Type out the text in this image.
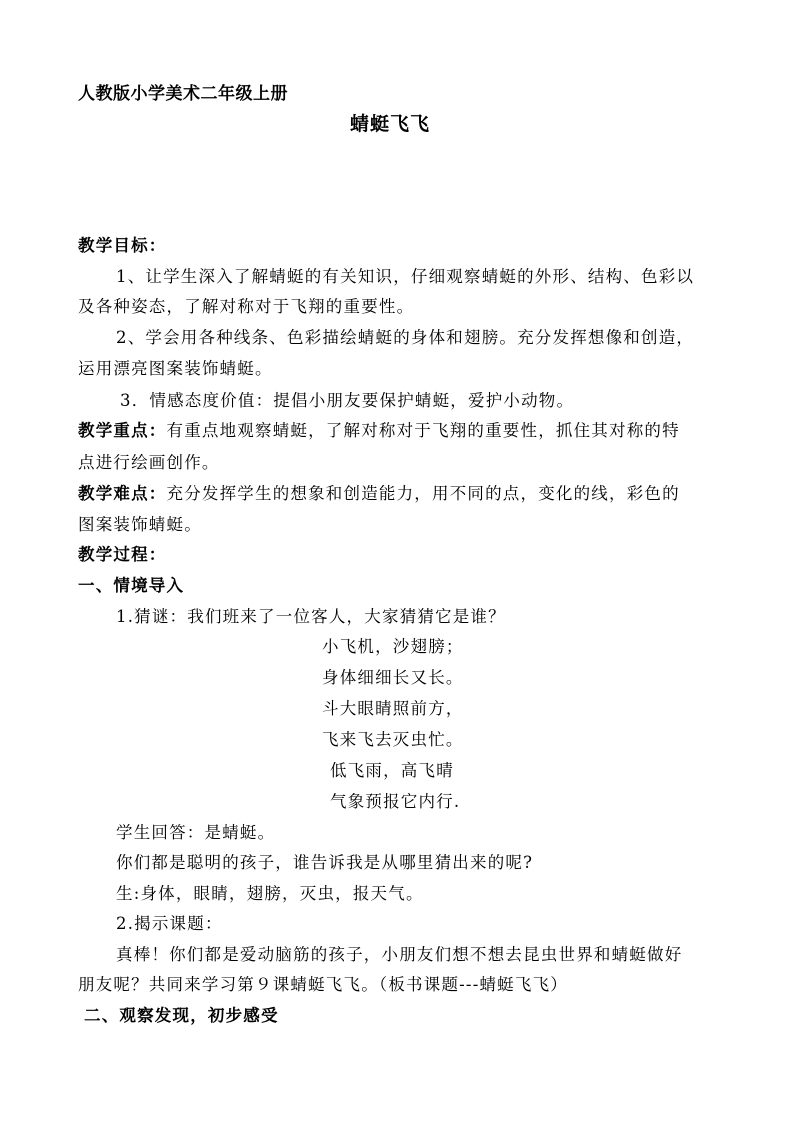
人教版小学美术二年级上册
蜻蜓飞飞
教学目标：
1、让学生深入了解蜻蜓的有关知识，仔细观察蜻蜓的外形、结构、色彩以
及各种姿态，了解对称对于飞翔的重要性。
2、学会用各种线条、色彩描绘蜻蜓的身体和翅膀。充分发挥想像和创造，
运用漂亮图案装饰蜻蜓。
3．情感态度价值：提倡小朋友要保护蜻蜓，爱护小动物。
教学重点：有重点地观察蜻蜓，了解对称对于飞翔的重要性，抓住其对称的特
点进行绘画创作。
教学难点：充分发挥学生的想象和创造能力，用不同的点，变化的线，彩色的
图案装饰蜻蜓。
教学过程：
一、情境导入
1.猜谜：我们班来了一位客人，大家猜猜它是谁？
小飞机，沙翅膀；
身体细细长又长。
斗大眼睛照前方，
飞来飞去灭虫忙。
低飞雨，高飞晴
气象预报它内行.
学生回答：是蜻蜓。
你们都是聪明的孩子，谁告诉我是从哪里猜出来的呢?
生:身体，眼睛，翅膀，灭虫，报天气。
2.揭示课题：
真棒！你们都是爱动脑筋的孩子，小朋友们想不想去昆虫世界和蜻蜓做好
朋友呢？共同来学习第９课蜻蜓飞飞。（板书课题---蜻蜓飞飞）
二、观察发现，初步感受
